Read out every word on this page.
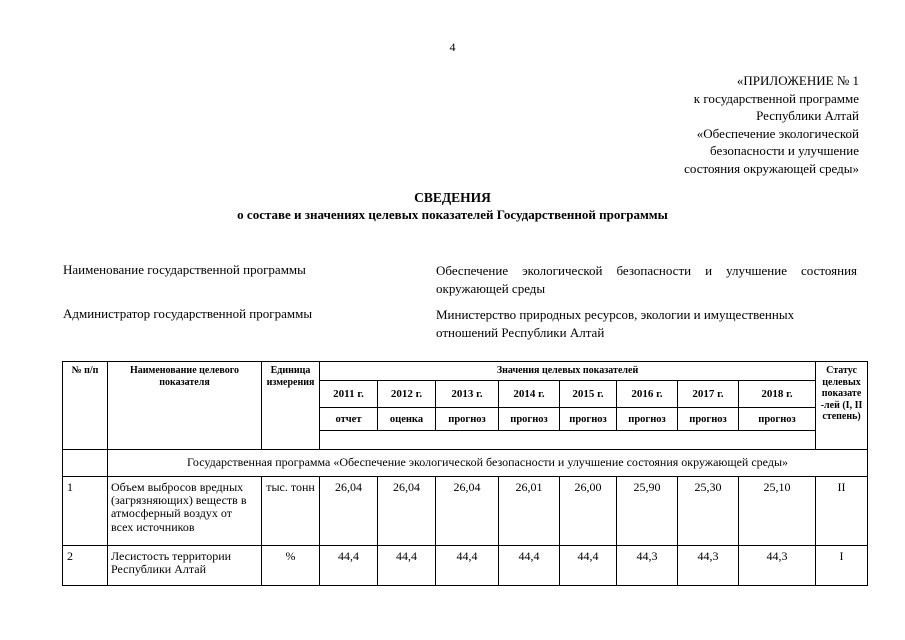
4
«ПРИЛОЖЕНИЕ № 1
к государственной программе
Республики Алтай
«Обеспечение экологической
безопасности и улучшение
состояния окружающей среды»
СВЕДЕНИЯ
о составе и значениях целевых показателей Государственной программы
Наименование государственной программы	Обеспечение экологической безопасности и улучшение состояния окружающей среды
Администратор государственной программы	Министерство природных ресурсов, экологии и имущественных отношений Республики Алтай
№ п/п	Наименование целевого показателя	Единица измерения	Значения целевых показателей								Статус целевых показате -лей (I, II степень)
			2011 г.	2012 г.	2013 г.	2014 г.	2015 г.	2016 г.	2017 г.	2018 г.	
			отчет	оценка	прогноз	прогноз	прогноз	прогноз	прогноз	прогноз	

	Государственная программа «Обеспечение экологической безопасности и улучшение состояния окружающей среды»										
1	Объем выбросов вредных (загрязняющих) веществ в атмосферный воздух от всех источников	тыс. тонн	26,04	26,04	26,04	26,01	26,00	25,90	25,30	25,10	II
2	Лесистость территории Республики Алтай	%	44,4	44,4	44,4	44,4	44,4	44,3	44,3	44,3	I
